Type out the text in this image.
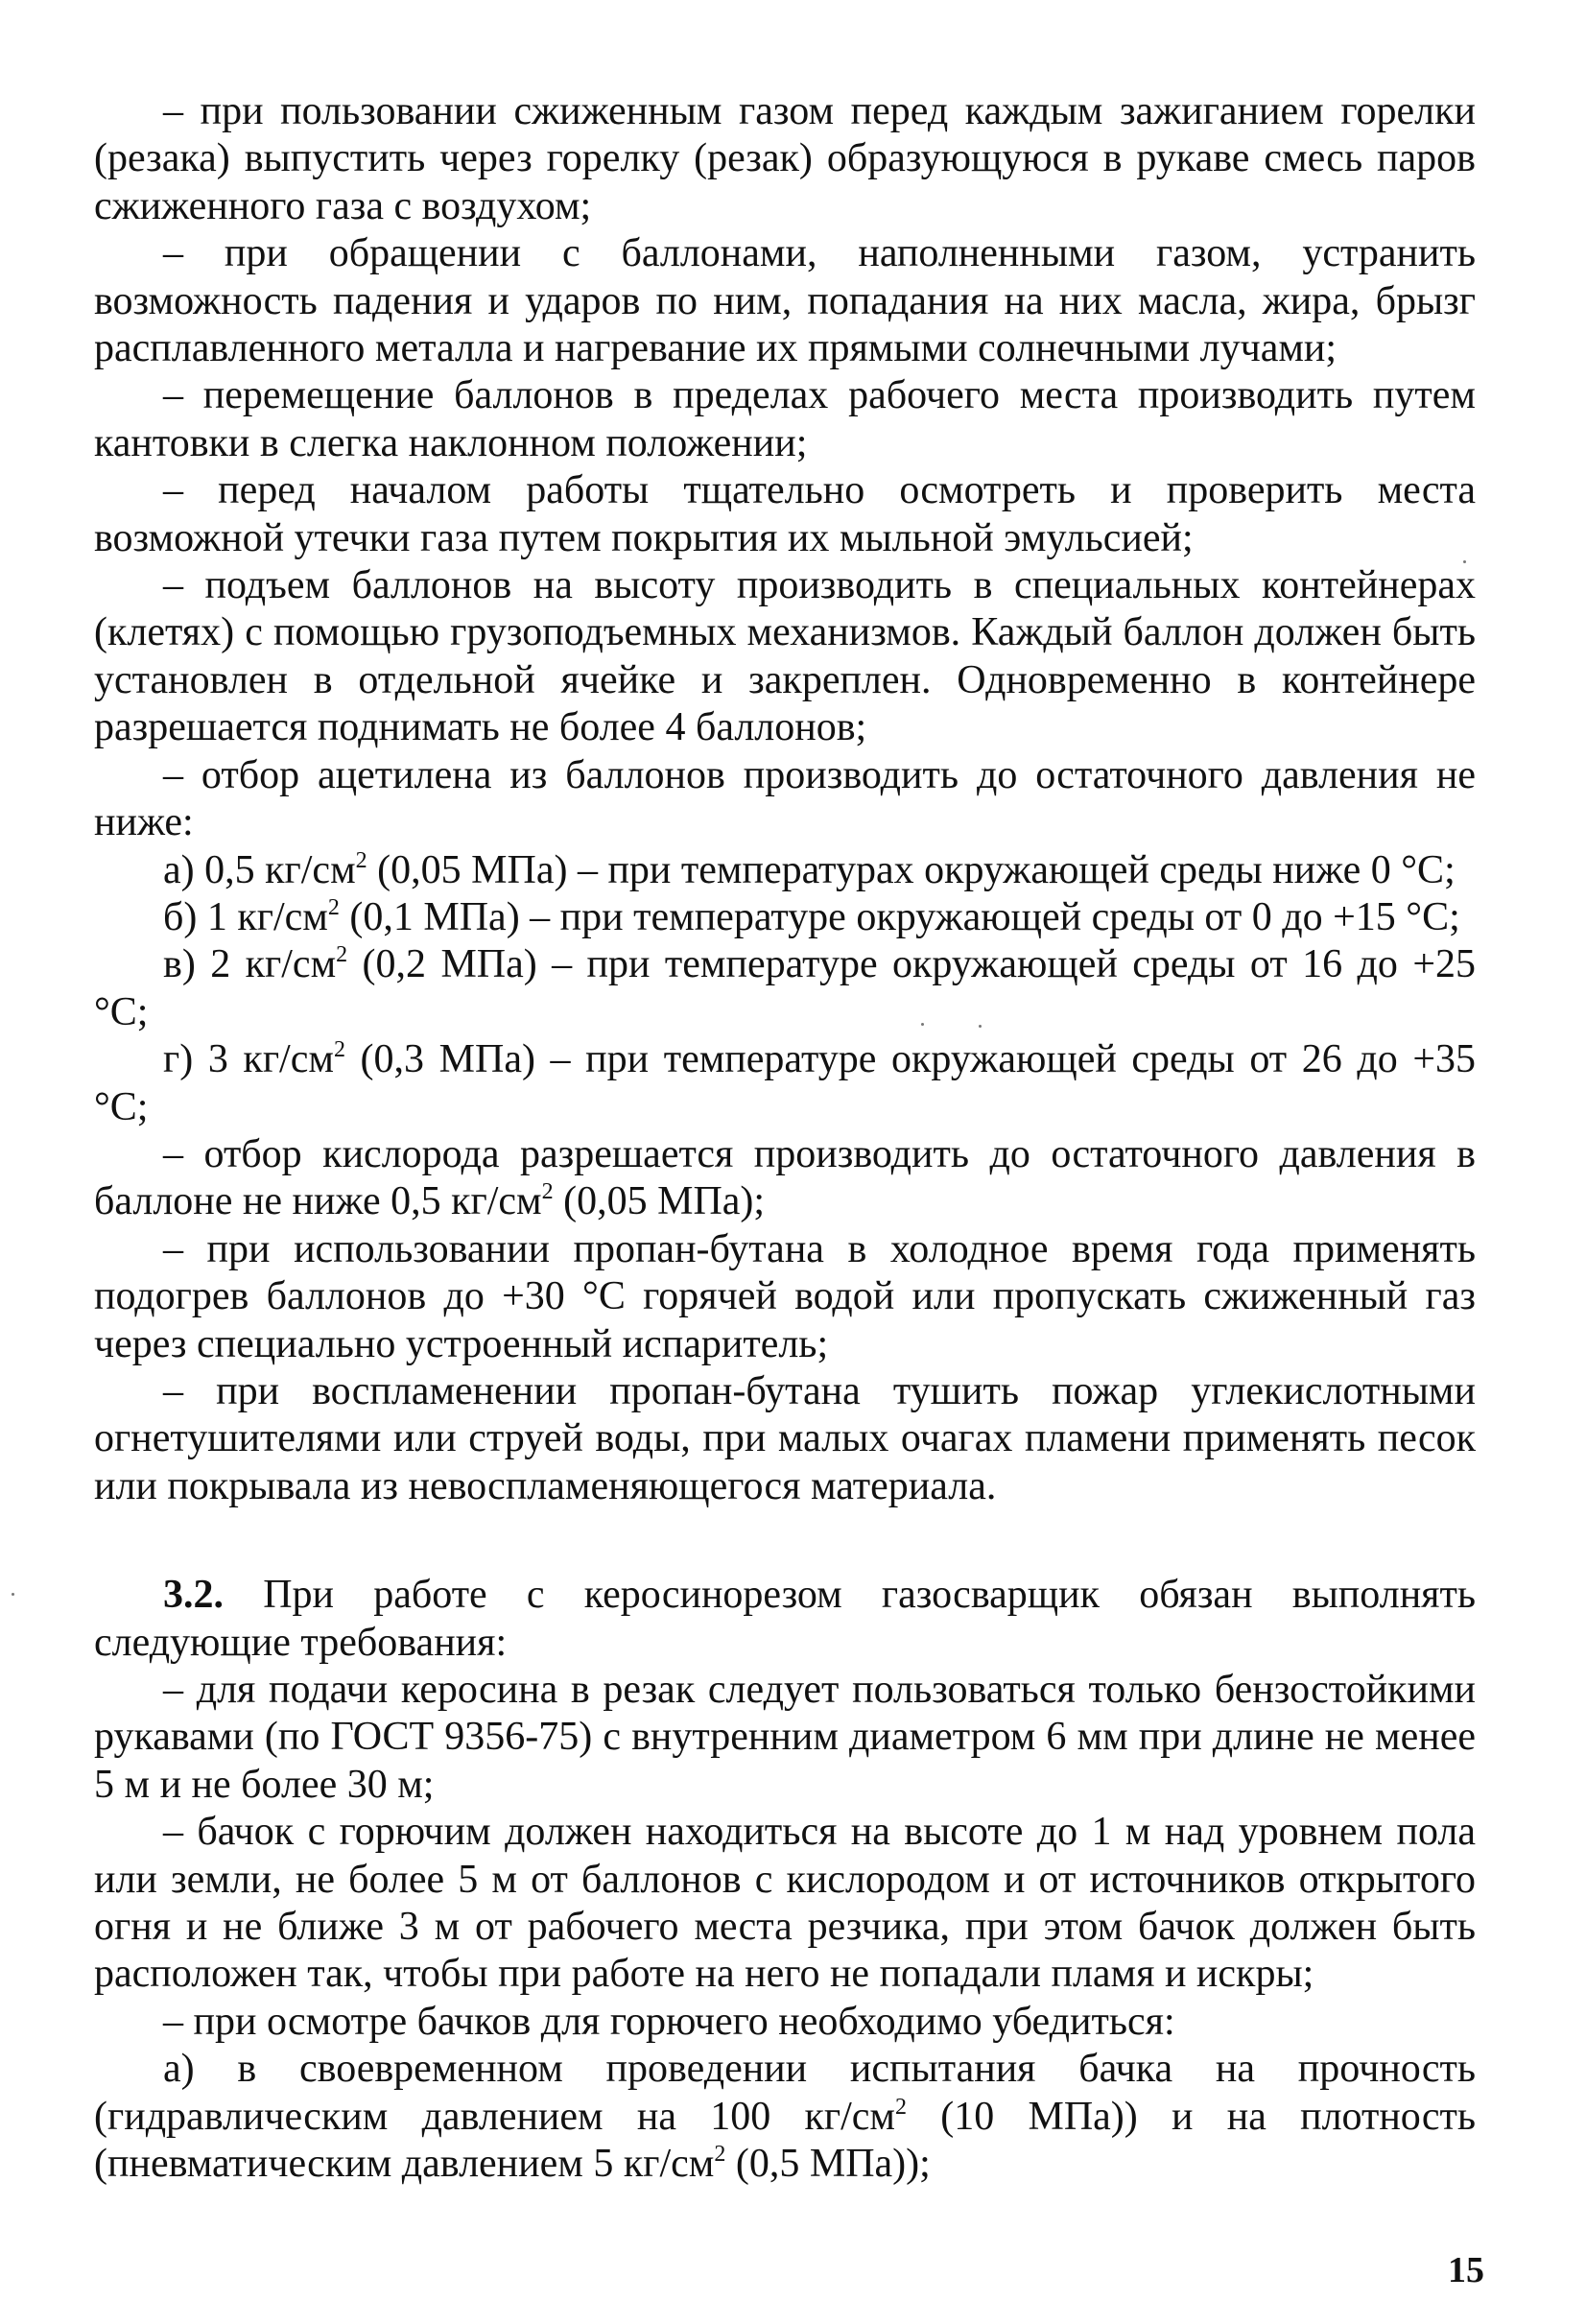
– при пользовании сжиженным газом перед каждым зажиганием горелки (резака) выпустить через горелку (резак) образующуюся в рукаве смесь паров сжиженного газа с воздухом;

– при обращении с баллонами, наполненными газом, устранить возможность падения и ударов по ним, попадания на них масла, жира, брызг расплавленного металла и нагревание их прямыми солнечными лучами;

– перемещение баллонов в пределах рабочего места производить путем кантовки в слегка наклонном положении;

– перед началом работы тщательно осмотреть и проверить места возможной утечки газа путем покрытия их мыльной эмульсией;

– подъем баллонов на высоту производить в специальных контейнерах (клетях) с помощью грузоподъемных механизмов. Каждый баллон должен быть установлен в отдельной ячейке и закреплен. Одновременно в контейнере разрешается поднимать не более 4 баллонов;

– отбор ацетилена из баллонов производить до остаточного давления не ниже:

а) 0,5 $кг/см^2$ (0,05 МПа) – при температурах окружающей среды ниже 0 °С;

б) 1 $кг/см^2$ (0,1 МПа) – при температуре окружающей среды от 0 до +15 °С;

в) 2 $кг/см^2$ (0,2 МПа) – при температуре окружающей среды от 16 до +25 °С;

г) 3 $кг/см^2$ (0,3 МПа) – при температуре окружающей среды от 26 до +35 °С;

– отбор кислорода разрешается производить до остаточного давления в баллоне не ниже 0,5 $кг/см^2$ (0,05 МПа);

– при использовании пропан-бутана в холодное время года применять подогрев баллонов до +30 °С горячей водой или пропускать сжиженный газ через специально устроенный испаритель;

– при воспламенении пропан-бутана тушить пожар углекислотными огнетушителями или струей воды, при малых очагах пламени применять песок или покрывала из невоспламеняющегося материала.

3.2. При работе с керосинорезом газосварщик обязан выполнять следующие требования:

– для подачи керосина в резак следует пользоваться только бензостойкими рукавами (по ГОСТ 9356-75) с внутренним диаметром 6 мм при длине не менее 5 м и не более 30 м;

– бачок с горючим должен находиться на высоте до 1 м над уровнем пола или земли, не более 5 м от баллонов с кислородом и от источников открытого огня и не ближе 3 м от рабочего места резчика, при этом бачок должен быть расположен так, чтобы при работе на него не попадали пламя и искры;

– при осмотре бачков для горючего необходимо убедиться:

а) в своевременном проведении испытания бачка на прочность (гидравлическим давлением на 100 $кг/см^2$ (10 МПа)) и на плотность (пневматическим давлением 5 $кг/см^2$ (0,5 МПа));

15
